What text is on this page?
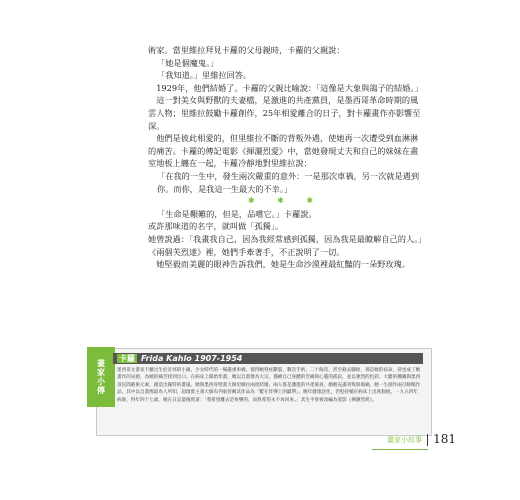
術家。當里維拉拜見卡蘿的父母親時，卡蘿的父親說：

「她是個魔鬼。」

「我知道。」里維拉回答。

1929年，他們結婚了。卡蘿的父親比喻說：「這像是大象與鴿子的結婚。」

這一對美女與野獸的夫妻檔，是激進的共產黨員，是墨西哥革命時期的風雲人物；里維拉鼓勵卡蘿創作，25年相愛離合的日子，對卡蘿畫作亦影響至深。

他們是彼此相愛的，但里維拉不斷的背叛外遇，使她再一次遭受到血淋淋的痛苦。卡蘿的傳記電影《揮灑烈愛》中，當她發現丈夫和自己的妹妹在畫室地板上纏在一起，卡蘿冷靜地對里維拉說：

「在我的一生中，發生兩次嚴重的意外：一是那次車禍，另一次就是遇到你。而你，是我這一生最大的不幸。」

✱ ✱ ✱

「生命是艱難的，但是，品嚐它。」卡蘿說。

或許那味道的名字，就叫做「孤獨」。

她曾說過：「我畫我自己，因為我經常感到孤獨，因為我是最瞭解自己的人。」《兩個芙烈達》裡，她們手牽著手，不正說明了一切。

她堅毅而美麗的眼神告訴我們，她是生命沙漠裡最紅豔的一朵野玫瑰。

畫家小傳
卡蘿 Frida Kahlo 1907-1954
墨西哥女畫家卡蘿出生於近郊的小鎮，少女時代的一場嚴重車禍，使得她脊柱斷裂，數次手術、二十餘次，甚至截去腳趾，那是她的宿命，卻也成了她畫作的泉源，為她的痛苦找到出口。在病床上開始作畫，她以自畫像為大宗，描繪自己身體的苦痛與心靈的孤寂，並以強烈的色彩、大膽的構圖與墨西哥民間藝術元素，創造出獨特的畫風。她與墨西哥壁畫大師里維拉兩度結婚，兩人都是激進的共產黨員，婚姻充滿背叛與傷痛。她一生創作兩百餘幅作品，其中以自畫像最為人所知，超現實主義大師布列東曾稱其作品為「繫在炸彈上的緞帶」。晚年健康惡化，仍堅持躺在病床上出席個展。一九五四年病逝，得年四十七歲，她在日記最後寫道：「我希望離去是快樂的，而我希望永不再回來。」其生平曾被改編為電影《揮灑烈愛》。
畫家小故事 181
